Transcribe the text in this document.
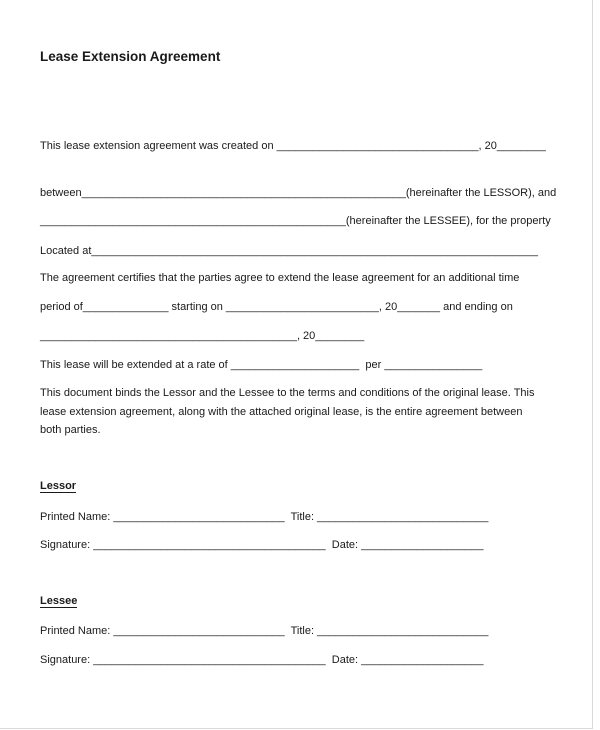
Lease Extension Agreement
This lease extension agreement was created on _________________________________, 20________
between_____________________________________________________(hereinafter the LESSOR), and
__________________________________________________(hereinafter the LESSEE), for the property
Located at_________________________________________________________________________
The agreement certifies that the parties agree to extend the lease agreement for an additional time
period of______________ starting on _________________________, 20_______ and ending on
__________________________________________, 20________
This lease will be extended at a rate of _____________________  per ________________
This document binds the Lessor and the Lessee to the terms and conditions of the original lease. This
lease extension agreement, along with the attached original lease, is the entire agreement between
both parties.
Lessor
Printed Name: ____________________________  Title: ____________________________
Signature: ______________________________________  Date: ____________________
Lessee
Printed Name: ____________________________  Title: ____________________________
Signature: ______________________________________  Date: ____________________
